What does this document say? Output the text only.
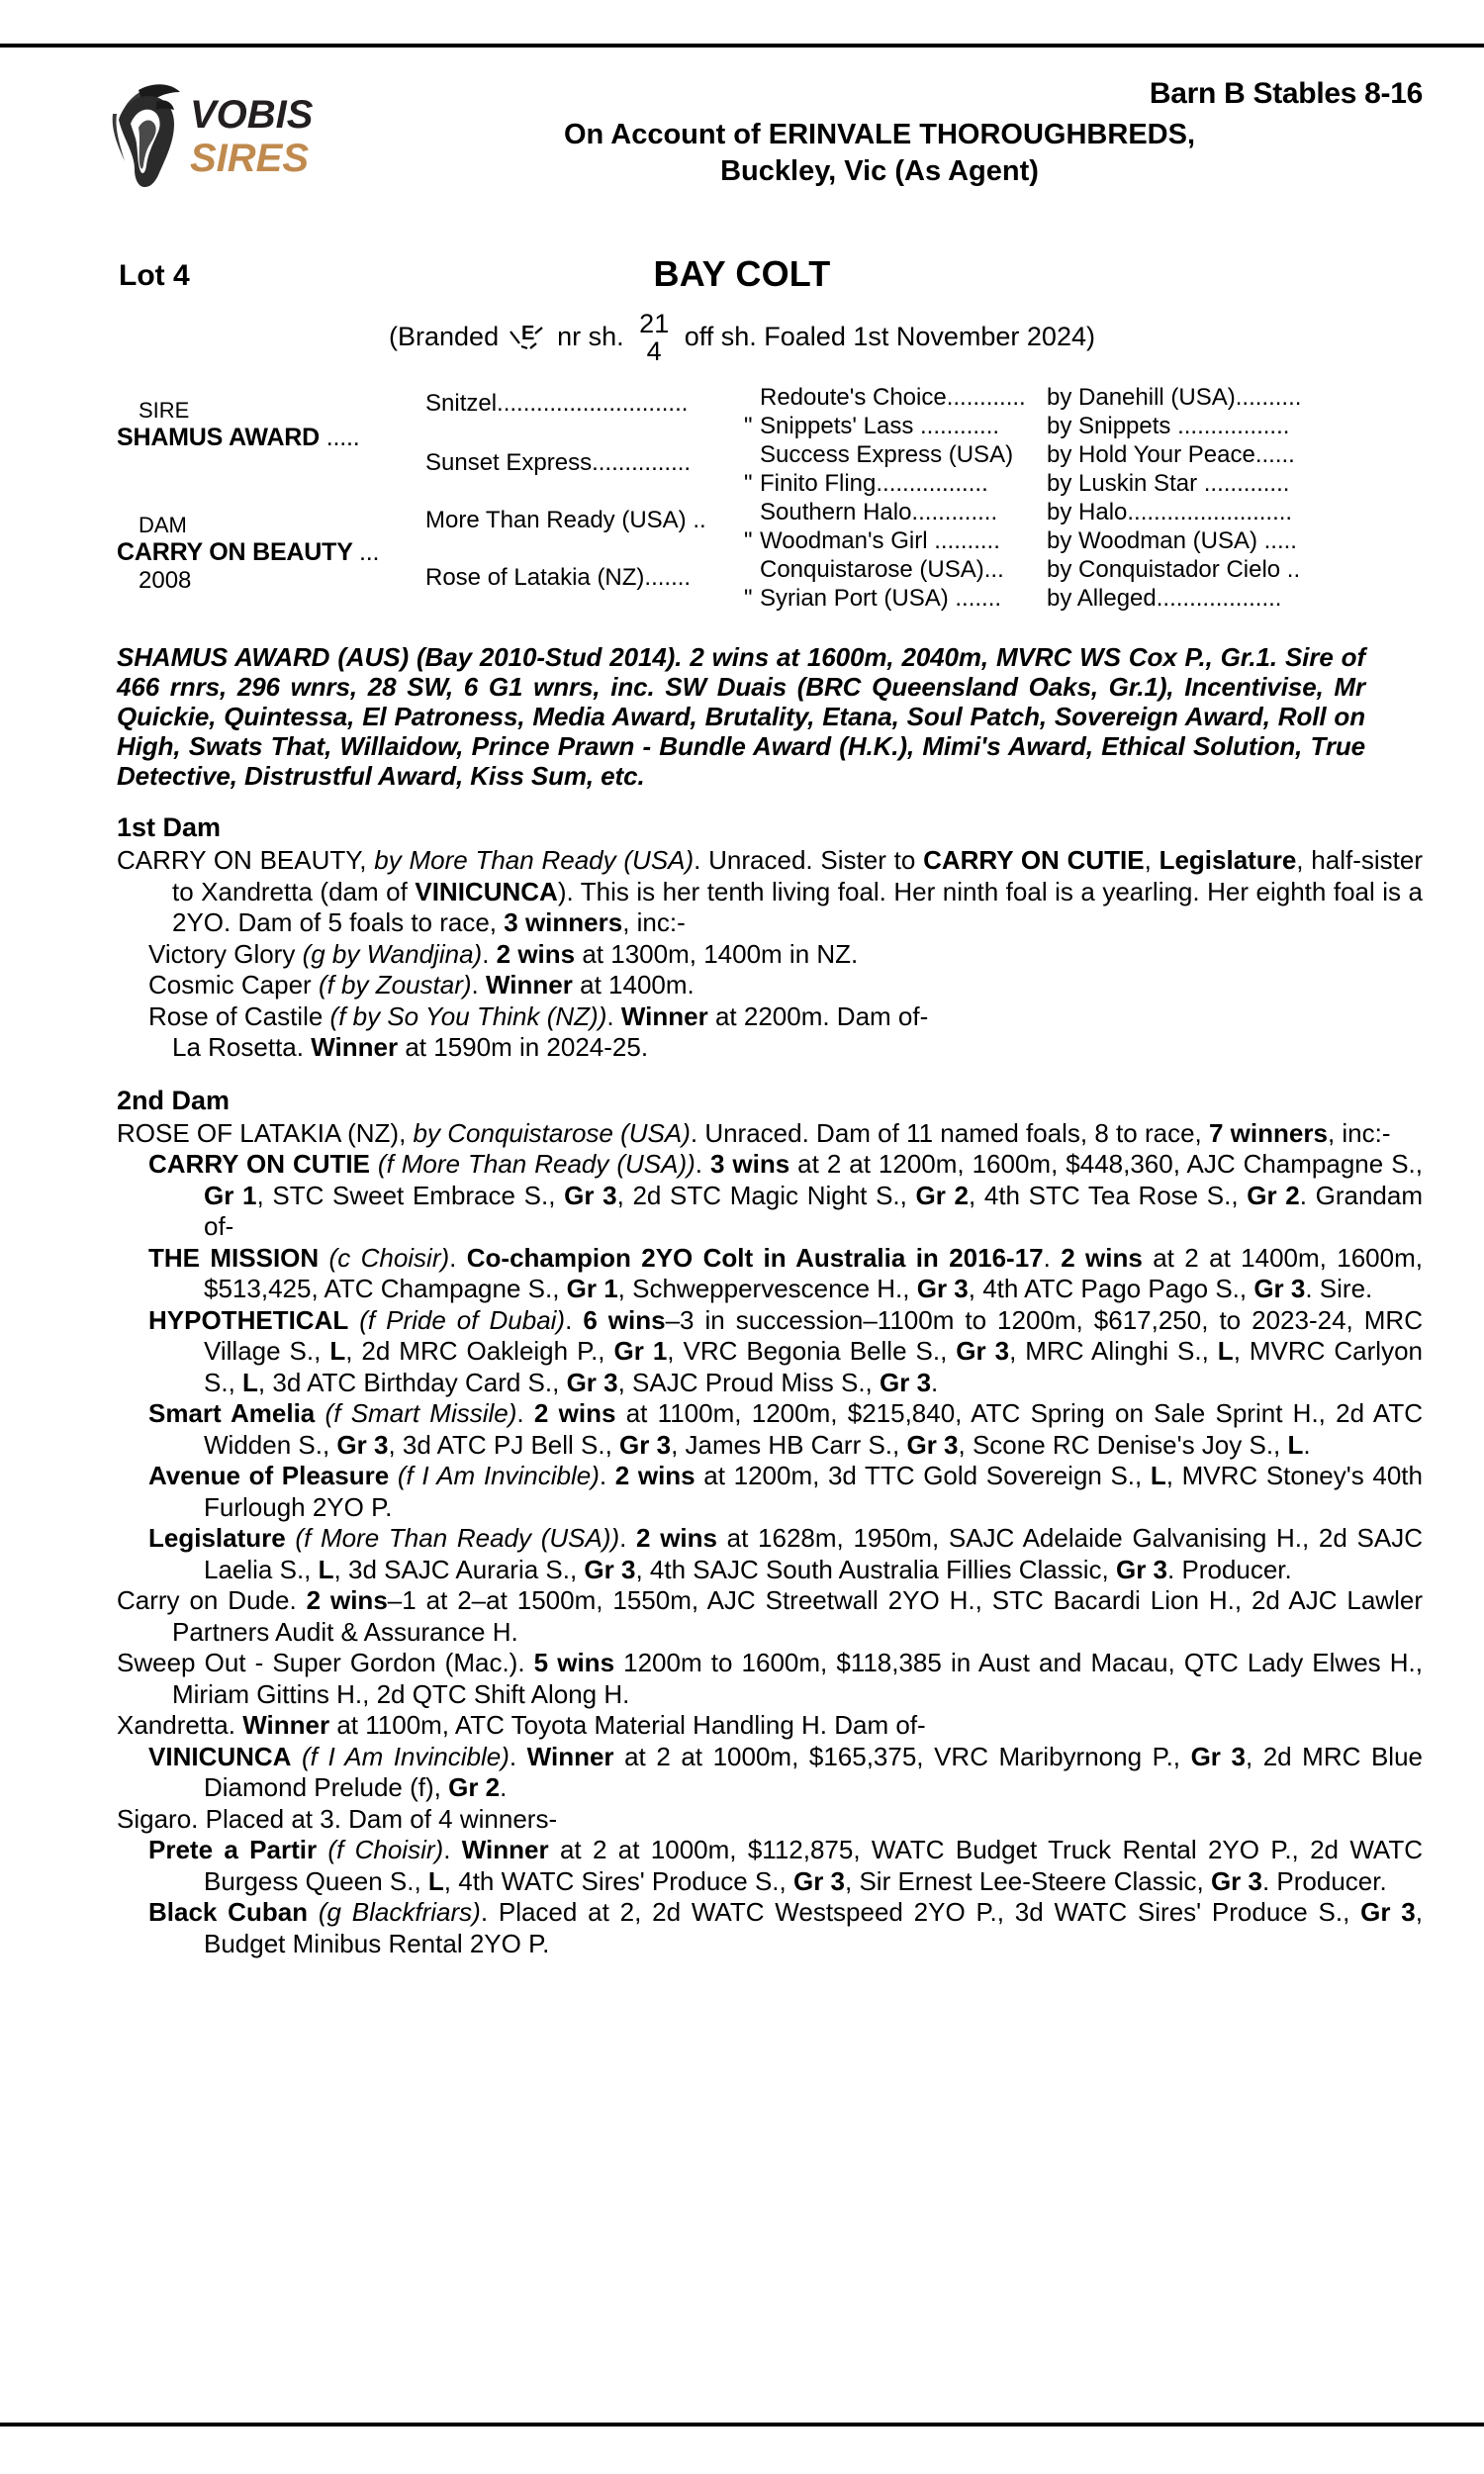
VOBIS
SIRES
Barn B Stables 8-16
On Account of ERINVALE THOROUGHBREDS,
Buckley, Vic (As Agent)
Lot 4	BAY COLT
(Branded E nr sh. 21
4 off sh. Foaled 1st November 2024)
SIRE
SHAMUS AWARD .....
DAM
CARRY ON BEAUTY ...
2008
Snitzel.............................
Sunset Express...............
More Than Ready (USA) ..
Rose of Latakia (NZ).......
Redoute's Choice............
" Snippets' Lass ............
Success Express (USA)
" Finito Fling.................
Southern Halo.............
" Woodman's Girl ..........
Conquistarose (USA)...
" Syrian Port (USA) .......
by Danehill (USA)..........
by Snippets .................
by Hold Your Peace......
by Luskin Star .............
by Halo.........................
by Woodman (USA) .....
by Conquistador Cielo ..
by Alleged...................
SHAMUS AWARD (AUS) (Bay 2010-Stud 2014). 2 wins at 1600m, 2040m, MVRC WS Cox P., Gr.1. Sire of 466 rnrs, 296 wnrs, 28 SW, 6 G1 wnrs, inc. SW Duais (BRC Queensland Oaks, Gr.1), Incentivise, Mr Quickie, Quintessa, El Patroness, Media Award, Brutality, Etana, Soul Patch, Sovereign Award, Roll on High, Swats That, Willaidow, Prince Prawn - Bundle Award (H.K.), Mimi's Award, Ethical Solution, True Detective, Distrustful Award, Kiss Sum, etc.
1st Dam
CARRY ON BEAUTY, by More Than Ready (USA). Unraced. Sister to CARRY ON CUTIE, Legislature, half-sister to Xandretta (dam of VINICUNCA). This is her tenth living foal. Her ninth foal is a yearling. Her eighth foal is a 2YO. Dam of 5 foals to race, 3 winners, inc:-
Victory Glory (g by Wandjina). 2 wins at 1300m, 1400m in NZ.
Cosmic Caper (f by Zoustar). Winner at 1400m.
Rose of Castile (f by So You Think (NZ)). Winner at 2200m. Dam of-
La Rosetta. Winner at 1590m in 2024-25.
2nd Dam
ROSE OF LATAKIA (NZ), by Conquistarose (USA). Unraced. Dam of 11 named foals, 8 to race, 7 winners, inc:-
CARRY ON CUTIE (f More Than Ready (USA)). 3 wins at 2 at 1200m, 1600m, $448,360, AJC Champagne S., Gr 1, STC Sweet Embrace S., Gr 3, 2d STC Magic Night S., Gr 2, 4th STC Tea Rose S., Gr 2. Grandam of-
THE MISSION (c Choisir). Co-champion 2YO Colt in Australia in 2016-17. 2 wins at 2 at 1400m, 1600m, $513,425, ATC Champagne S., Gr 1, Schweppervescence H., Gr 3, 4th ATC Pago Pago S., Gr 3. Sire.
HYPOTHETICAL (f Pride of Dubai). 6 wins–3 in succession–1100m to 1200m, $617,250, to 2023-24, MRC Village S., L, 2d MRC Oakleigh P., Gr 1, VRC Begonia Belle S., Gr 3, MRC Alinghi S., L, MVRC Carlyon S., L, 3d ATC Birthday Card S., Gr 3, SAJC Proud Miss S., Gr 3.
Smart Amelia (f Smart Missile). 2 wins at 1100m, 1200m, $215,840, ATC Spring on Sale Sprint H., 2d ATC Widden S., Gr 3, 3d ATC PJ Bell S., Gr 3, James HB Carr S., Gr 3, Scone RC Denise's Joy S., L.
Avenue of Pleasure (f I Am Invincible). 2 wins at 1200m, 3d TTC Gold Sovereign S., L, MVRC Stoney's 40th Furlough 2YO P.
Legislature (f More Than Ready (USA)). 2 wins at 1628m, 1950m, SAJC Adelaide Galvanising H., 2d SAJC Laelia S., L, 3d SAJC Auraria S., Gr 3, 4th SAJC South Australia Fillies Classic, Gr 3. Producer.
Carry on Dude. 2 wins–1 at 2–at 1500m, 1550m, AJC Streetwall 2YO H., STC Bacardi Lion H., 2d AJC Lawler Partners Audit & Assurance H.
Sweep Out - Super Gordon (Mac.). 5 wins 1200m to 1600m, $118,385 in Aust and Macau, QTC Lady Elwes H., Miriam Gittins H., 2d QTC Shift Along H.
Xandretta. Winner at 1100m, ATC Toyota Material Handling H. Dam of-
VINICUNCA (f I Am Invincible). Winner at 2 at 1000m, $165,375, VRC Maribyrnong P., Gr 3, 2d MRC Blue Diamond Prelude (f), Gr 2.
Sigaro. Placed at 3. Dam of 4 winners-
Prete a Partir (f Choisir). Winner at 2 at 1000m, $112,875, WATC Budget Truck Rental 2YO P., 2d WATC Burgess Queen S., L, 4th WATC Sires' Produce S., Gr 3, Sir Ernest Lee-Steere Classic, Gr 3. Producer.
Black Cuban (g Blackfriars). Placed at 2, 2d WATC Westspeed 2YO P., 3d WATC Sires' Produce S., Gr 3, Budget Minibus Rental 2YO P.
